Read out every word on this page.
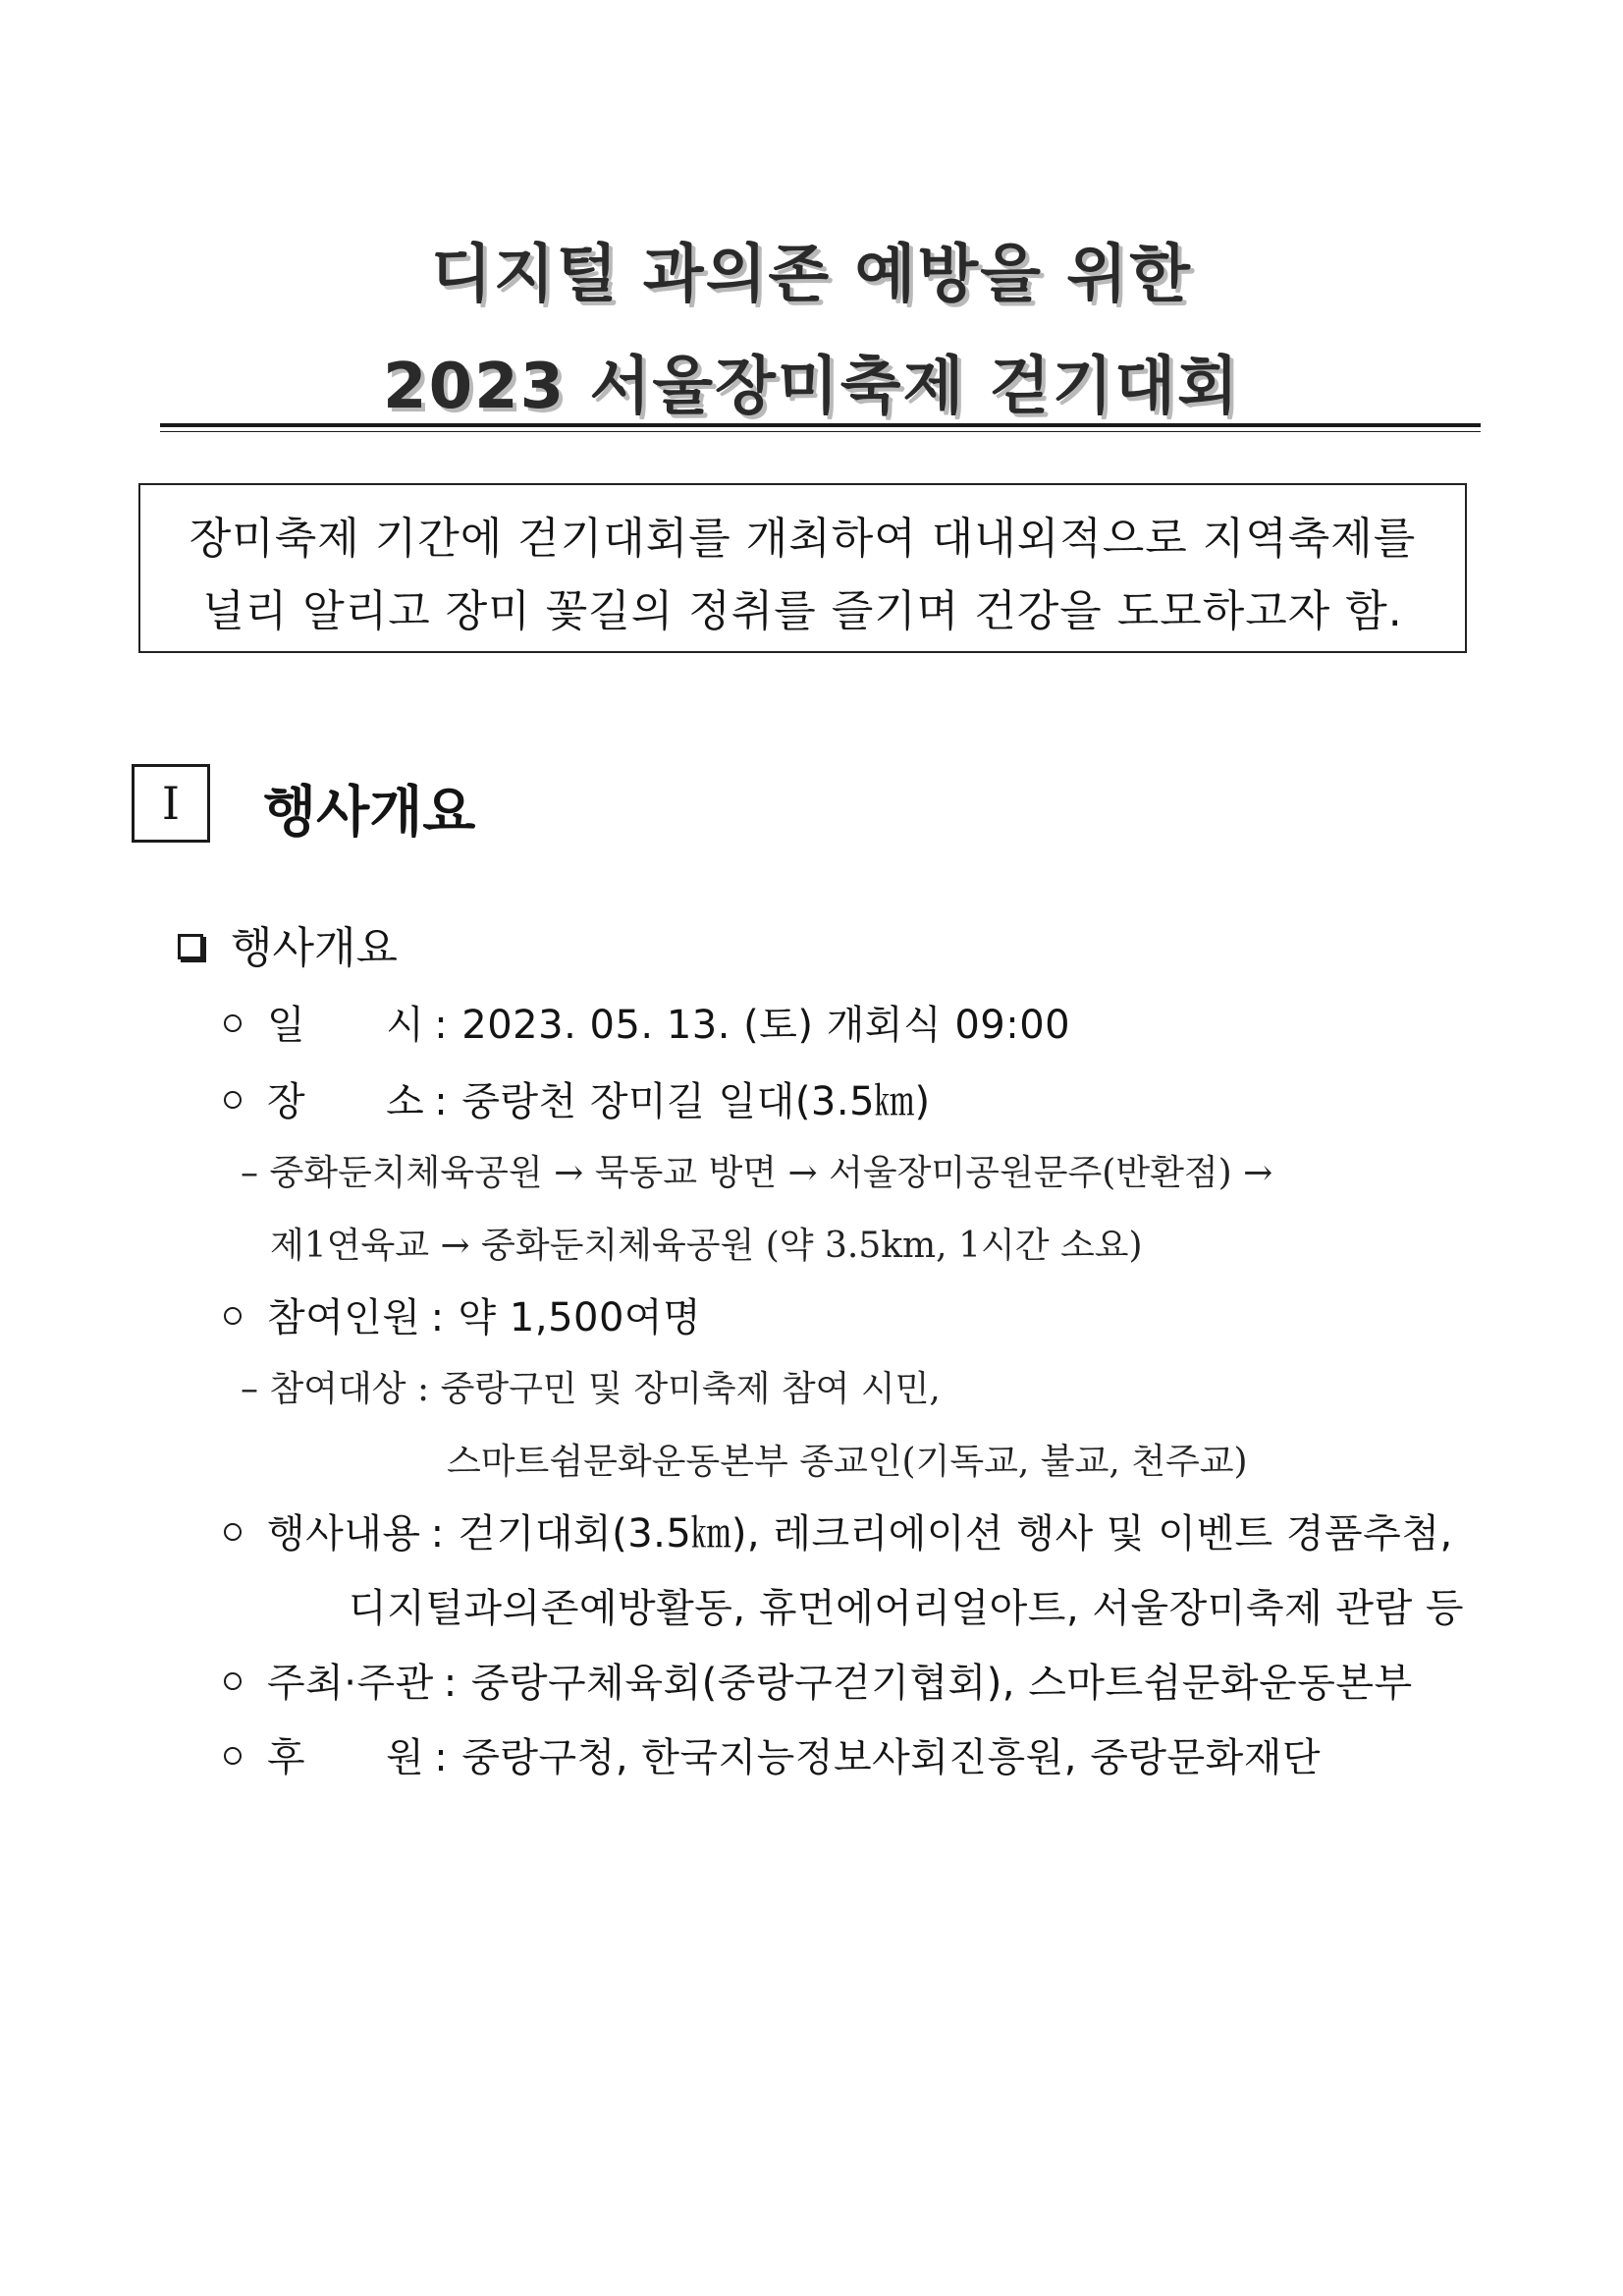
디지털 과의존 예방을 위한
2023 서울장미축제 걷기대회
장미축제 기간에 걷기대회를 개최하여 대내외적으로 지역축제를
널리 알리고 장미 꽃길의 정취를 즐기며 건강을 도모하고자 함.
Ⅰ	행사개요
행사개요
일 시 : 2023. 05. 13. (토) 개회식 09:00
장 소 : 중랑천 장미길 일대(3.5㎞)
– 중화둔치체육공원 → 묵동교 방면 → 서울장미공원문주(반환점) →
제1연육교 → 중화둔치체육공원 (약 3.5km, 1시간 소요)
참여인원 : 약 1,500여명
– 참여대상 : 중랑구민 및 장미축제 참여 시민,
스마트쉼문화운동본부 종교인(기독교, 불교, 천주교)
행사내용 : 걷기대회(3.5㎞), 레크리에이션 행사 및 이벤트 경품추첨,
디지털과의존예방활동, 휴먼에어리얼아트, 서울장미축제 관람 등
주최·주관 : 중랑구체육회(중랑구걷기협회), 스마트쉼문화운동본부
후 원 : 중랑구청, 한국지능정보사회진흥원, 중랑문화재단
